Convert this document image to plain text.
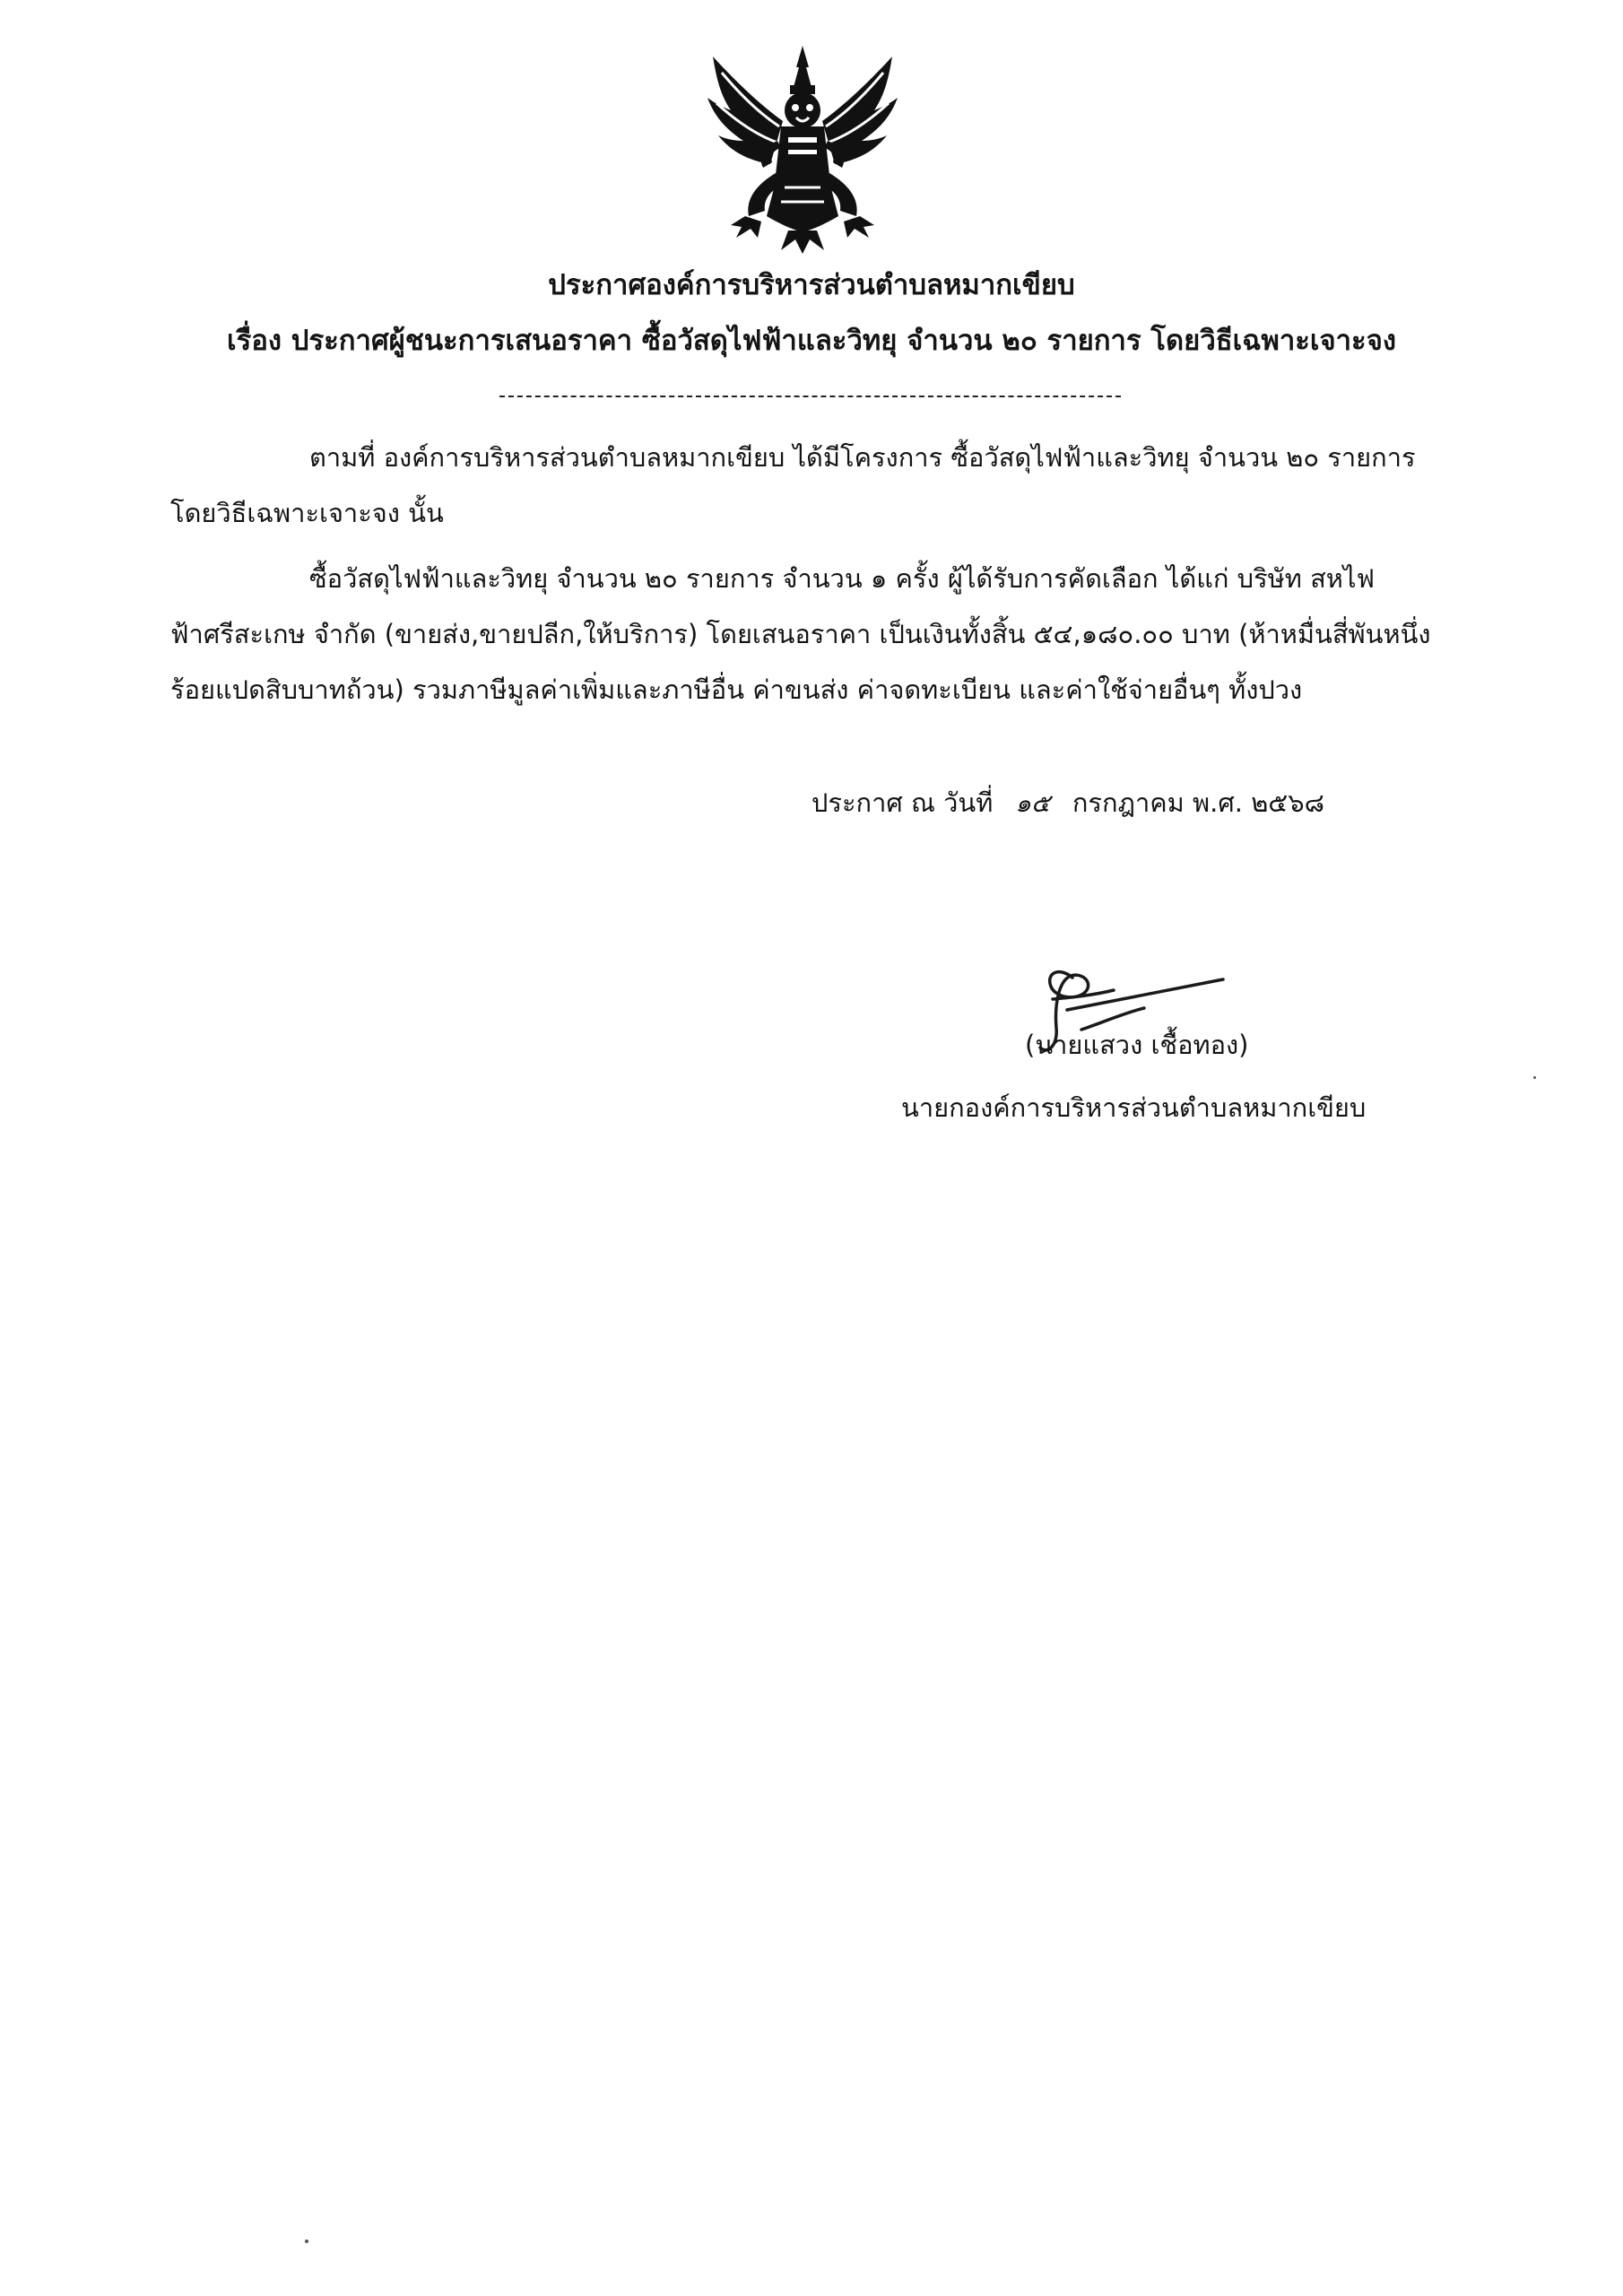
ประกาศองค์การบริหารส่วนตำบลหมากเขียบ
เรื่อง ประกาศผู้ชนะการเสนอราคา ซื้อวัสดุไฟฟ้าและวิทยุ จำนวน ๒๐ รายการ โดยวิธีเฉพาะเจาะจง
ตามที่ องค์การบริหารส่วนตำบลหมากเขียบ ได้มีโครงการ ซื้อวัสดุไฟฟ้าและวิทยุ จำนวน ๒๐ รายการ
โดยวิธีเฉพาะเจาะจง นั้น
ซื้อวัสดุไฟฟ้าและวิทยุ จำนวน ๒๐ รายการ จำนวน ๑ ครั้ง ผู้ได้รับการคัดเลือก ได้แก่ บริษัท สหไฟ
ฟ้าศรีสะเกษ จำกัด (ขายส่ง,ขายปลีก,ให้บริการ) โดยเสนอราคา เป็นเงินทั้งสิ้น ๕๔,๑๘๐.๐๐ บาท (ห้าหมื่นสี่พันหนึ่ง
ร้อยแปดสิบบาทถ้วน) รวมภาษีมูลค่าเพิ่มและภาษีอื่น ค่าขนส่ง ค่าจดทะเบียน และค่าใช้จ่ายอื่นๆ ทั้งปวง
ประกาศ ณ วันที่ ๑๕ กรกฎาคม พ.ศ. ๒๕๖๘
(นายแสวง เชื้อทอง)
นายกองค์การบริหารส่วนตำบลหมากเขียบ
